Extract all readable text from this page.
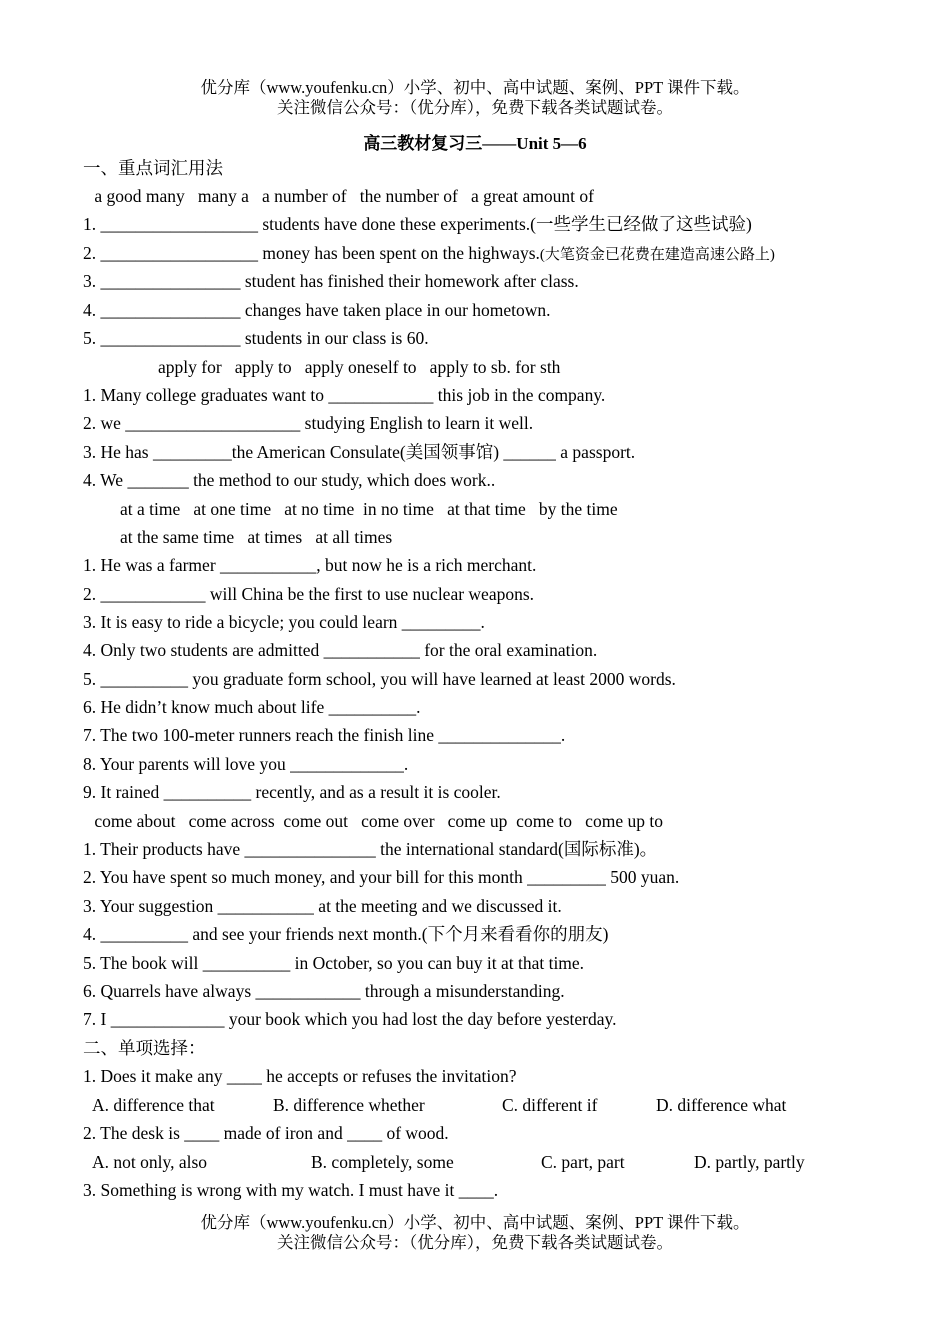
优分库（www.youfenku.cn）小学、初中、高中试题、案例、PPT 课件下载。
关注微信公众号：（优分库），免费下载各类试题试卷。
高三教材复习三——Unit 5—6
一、重点词汇用法
a good many   many a   a number of   the number of   a great amount of
1. __________________ students have done these experiments.(一些学生已经做了这些试验)
2. __________________ money has been spent on the highways.(大笔资金已花费在建造高速公路上)
3. ________________ student has finished their homework after class.
4. ________________ changes have taken place in our hometown.
5. ________________ students in our class is 60.
apply for   apply to   apply oneself to   apply to sb. for sth
1. Many college graduates want to ____________ this job in the company.
2. we ____________________ studying English to learn it well.
3. He has _________the American Consulate(美国领事馆) ______ a passport.
4. We _______ the method to our study, which does work..
at a time   at one time   at no time  in no time   at that time   by the time
at the same time   at times   at all times
1. He was a farmer ___________, but now he is a rich merchant.
2. ____________ will China be the first to use nuclear weapons.
3. It is easy to ride a bicycle; you could learn _________.
4. Only two students are admitted ___________ for the oral examination.
5. __________ you graduate form school, you will have learned at least 2000 words.
6. He didn’t know much about life __________.
7. The two 100-meter runners reach the finish line ______________.
8. Your parents will love you _____________.
9. It rained __________ recently, and as a result it is cooler.
come about   come across  come out   come over   come up  come to   come up to
1. Their products have _______________ the international standard(国际标准)。
2. You have spent so much money, and your bill for this month _________ 500 yuan.
3. Your suggestion ___________ at the meeting and we discussed it.
4. __________ and see your friends next month.(下个月来看看你的朋友)
5. The book will __________ in October, so you can buy it at that time.
6. Quarrels have always ____________ through a misunderstanding.
7. I _____________ your book which you had lost the day before yesterday.
二、单项选择：
1. Does it make any ____ he accepts or refuses the invitation?
A. difference that	B. difference whether	C. different if	D. difference what
2. The desk is ____ made of iron and ____ of wood.
A. not only, also	B. completely, some	C. part, part	D. partly, partly
3. Something is wrong with my watch. I must have it ____.
优分库（www.youfenku.cn）小学、初中、高中试题、案例、PPT 课件下载。
关注微信公众号：（优分库），免费下载各类试题试卷。
